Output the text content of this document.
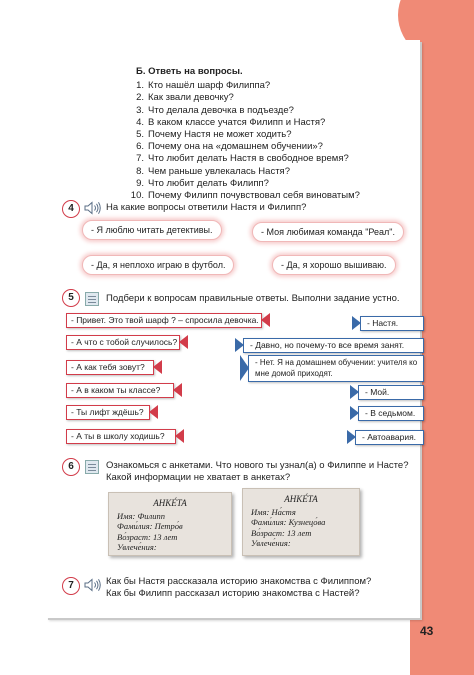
Б. Ответь на вопросы.
1. Кто нашёл шарф Филиппа?
2. Как звали девочку?
3. Что делала девочка в подъезде?
4. В каком классе учатся Филипп и Настя?
5. Почему Настя не может ходить?
6. Почему она на «домашнем обучении»?
7. Что любит делать Настя в свободное время?
8. Чем раньше увлекалась Настя?
9. Что любит делать Филипп?
10. Почему Филипп почувствовал себя виноватым?
4	На какие вопросы ответили Настя и Филипп?
- Я люблю читать детективы.	- Моя любимая команда "Реал".
- Да, я неплохо играю в футбол.	- Да, я хорошо вышиваю.
5	Подбери к вопросам правильные ответы. Выполни задание устно.
- Привет. Это твой шарф ? – спросила девочка.
- А что с тобой случилось?
- А как тебя зовут?
- А в каком ты классе?
- Ты лифт ждёшь?
- А ты в школу ходишь?
- Настя.
- Давно, но почему-то все время занят.
- Нет. Я на домашнем обучении: учителя ко мне домой приходят.
- Мой.
- В седьмом.
- Автоавария.
6	Ознакомься с анкетами. Что нового ты узнал(а) о Филиппе и Насте?
Какой информации не хватает в анкетах?
АНКЕ́ТА
Имя: Филипп
Фами́лия: Петро́в
Во́зраст: 13 лет
Увлече́ния:
АНКЕ́ТА
Имя: На́стя
Фами́лия: Кузнецо́ва
Во́зраст: 13 лет
Увлече́ния:
7	Как бы Настя рассказала историю знакомства с Филиппом?
Как бы Филипп рассказал историю знакомства с Настей?
43
